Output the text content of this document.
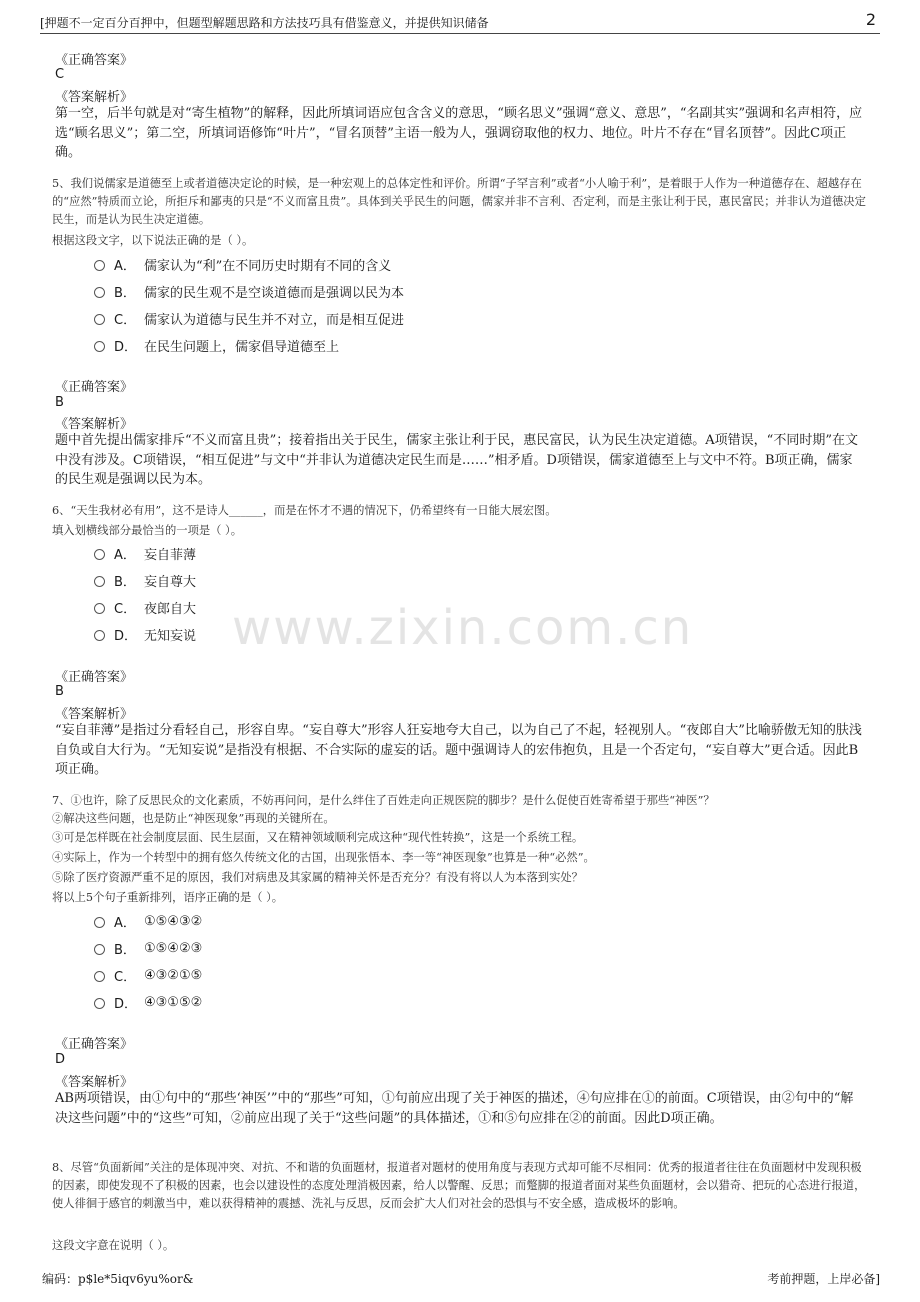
[押题不一定百分百押中，但题型解题思路和方法技巧具有借鉴意义，并提供知识储备	2
《正确答案》
C
《答案解析》
第一空，后半句就是对“寄生植物”的解释，因此所填词语应包含含义的意思，“顾名思义”强调“意义、意思”，“名副其实”强调和名声相符，应选“顾名思义”；第二空，所填词语修饰“叶片”，“冒名顶替”主语一般为人，强调窃取他的权力、地位。叶片不存在“冒名顶替”。因此C项正确。
5、我们说儒家是道德至上或者道德决定论的时候，是一种宏观上的总体定性和评价。所谓“子罕言利”或者“小人喻于利”，是着眼于人作为一种道德存在、超越存在的“应然”特质而立论，所拒斥和鄙夷的只是“不义而富且贵”。具体到关乎民生的问题，儒家并非不言利、否定利，而是主张让利于民，惠民富民；并非认为道德决定民生，而是认为民生决定道德。
根据这段文字，以下说法正确的是（ ）。
A． 儒家认为“利”在不同历史时期有不同的含义
B． 儒家的民生观不是空谈道德而是强调以民为本
C． 儒家认为道德与民生并不对立，而是相互促进
D． 在民生问题上，儒家倡导道德至上
《正确答案》
B
《答案解析》
题中首先提出儒家排斥“不义而富且贵”；接着指出关于民生，儒家主张让利于民，惠民富民，认为民生决定道德。A项错误，“不同时期”在文中没有涉及。C项错误，“相互促进”与文中“并非认为道德决定民生而是……”相矛盾。D项错误，儒家道德至上与文中不符。B项正确，儒家的民生观是强调以民为本。
6、“天生我材必有用”，这不是诗人______，而是在怀才不遇的情况下，仍希望终有一日能大展宏图。
填入划横线部分最恰当的一项是（ ）。
A． 妄自菲薄
B． 妄自尊大
C． 夜郎自大
D． 无知妄说 www.zixin.com.cn
《正确答案》
B
《答案解析》
“妄自菲薄”是指过分看轻自己，形容自卑。“妄自尊大”形容人狂妄地夸大自己，以为自己了不起，轻视别人。“夜郎自大”比喻骄傲无知的肤浅自负或自大行为。“无知妄说”是指没有根据、不合实际的虚妄的话。题中强调诗人的宏伟抱负，且是一个否定句，“妄自尊大”更合适。因此B项正确。
7、①也许，除了反思民众的文化素质，不妨再问问，是什么绊住了百姓走向正规医院的脚步？是什么促使百姓寄希望于那些“神医”？
②解决这些问题，也是防止“神医现象”再现的关键所在。
③可是怎样既在社会制度层面、民生层面，又在精神领域顺利完成这种“现代性转换”，这是一个系统工程。
④实际上，作为一个转型中的拥有悠久传统文化的古国，出现张悟本、李一等“神医现象”也算是一种“必然”。
⑤除了医疗资源严重不足的原因，我们对病患及其家属的精神关怀是否充分？有没有将以人为本落到实处？
将以上5个句子重新排列，语序正确的是（ ）。
A． ①⑤④③②
B． ①⑤④②③
C． ④③②①⑤
D． ④③①⑤②
《正确答案》
D
《答案解析》
AB两项错误，由①句中的“那些‘神医’”中的“那些”可知，①句前应出现了关于神医的描述，④句应排在①的前面。C项错误，由②句中的“解决这些问题”中的“这些”可知，②前应出现了关于“这些问题”的具体描述，①和⑤句应排在②的前面。因此D项正确。
8、尽管“负面新闻”关注的是体现冲突、对抗、不和谐的负面题材，报道者对题材的使用角度与表现方式却可能不尽相同：优秀的报道者往往在负面题材中发现积极的因素，即使发现不了积极的因素，也会以建设性的态度处理消极因素，给人以警醒、反思；而蹩脚的报道者面对某些负面题材，会以猎奇、把玩的心态进行报道，使人徘徊于感官的刺激当中，难以获得精神的震撼、洗礼与反思，反而会扩大人们对社会的恐惧与不安全感，造成极坏的影响。
这段文字意在说明（ ）。
编码：p$le*5iqv6yu%or&	考前押题，上岸必备]
